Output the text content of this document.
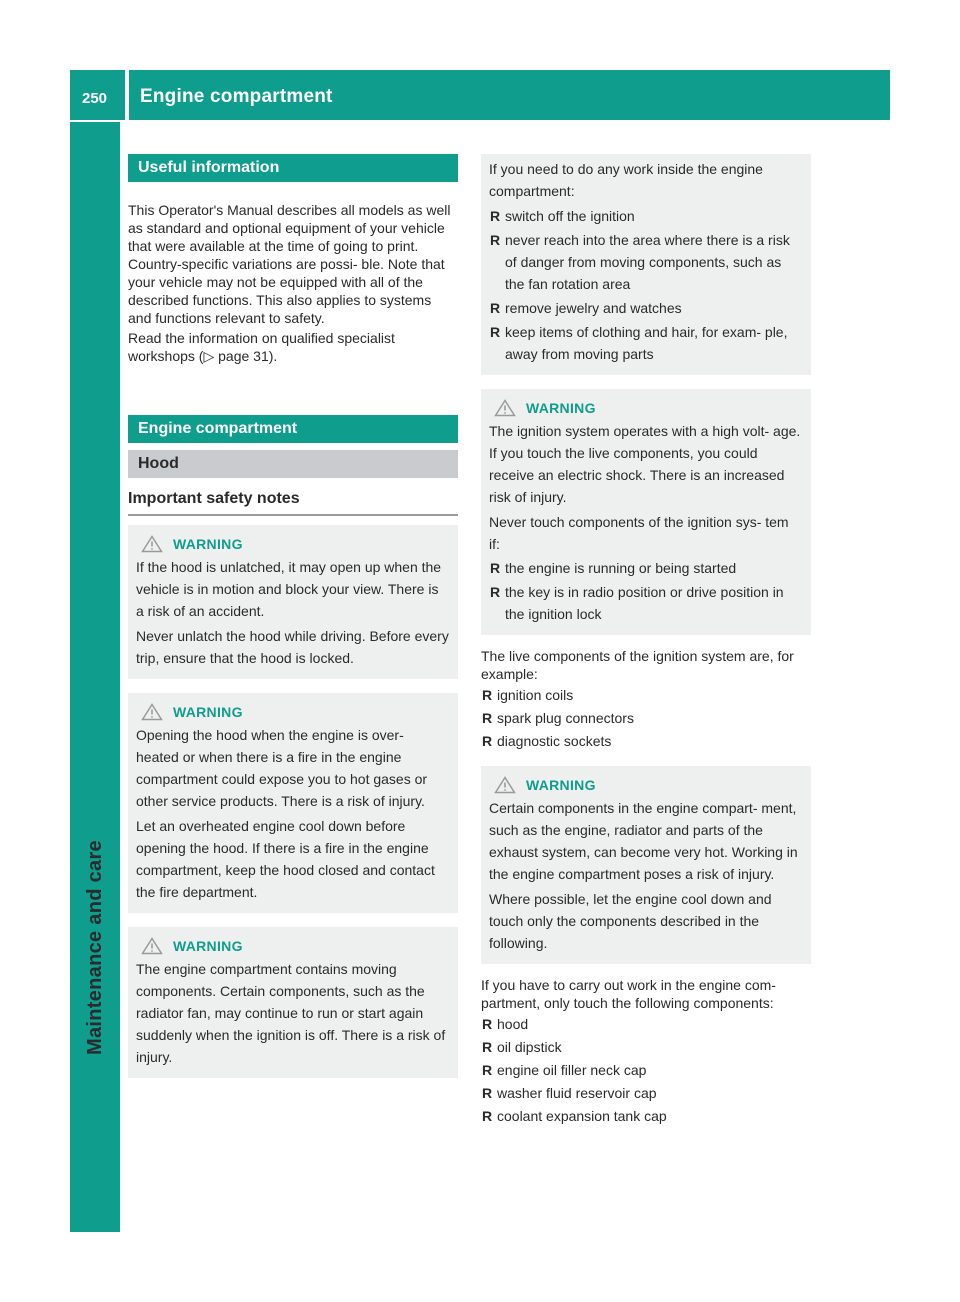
250 Engine compartment
Maintenance and care
Useful information

This Operator's Manual describes all models as well as standard and optional equipment of your vehicle that were available at the time of going to print. Country-specific variations are possi- ble. Note that your vehicle may not be equipped with all of the described functions. This also applies to systems and functions relevant to safety.

Read the information on qualified specialist workshops (▷ page 31).

Engine compartment
Hood
Important safety notes
WARNING

If the hood is unlatched, it may open up when the vehicle is in motion and block your view. There is a risk of an accident.

Never unlatch the hood while driving. Before every trip, ensure that the hood is locked.

WARNING

Opening the hood when the engine is over- heated or when there is a fire in the engine compartment could expose you to hot gases or other service products. There is a risk of injury.

Let an overheated engine cool down before opening the hood. If there is a fire in the engine compartment, keep the hood closed and contact the fire department.

WARNING

The engine compartment contains moving components. Certain components, such as the radiator fan, may continue to run or start again suddenly when the ignition is off. There is a risk of injury.

If you need to do any work inside the engine compartment:

R switch off the ignition
R never reach into the area where there is a risk of danger from moving components, such as the fan rotation area
R remove jewelry and watches
R keep items of clothing and hair, for exam- ple, away from moving parts
WARNING

The ignition system operates with a high volt- age. If you touch the live components, you could receive an electric shock. There is an increased risk of injury.

Never touch components of the ignition sys- tem if:

R the engine is running or being started
R the key is in radio position or drive position in the ignition lock

The live components of the ignition system are, for example:

R ignition coils
R spark plug connectors
R diagnostic sockets
WARNING

Certain components in the engine compart- ment, such as the engine, radiator and parts of the exhaust system, can become very hot. Working in the engine compartment poses a risk of injury.

Where possible, let the engine cool down and touch only the components described in the following.

If you have to carry out work in the engine com- partment, only touch the following components:

R hood
R oil dipstick
R engine oil filler neck cap
R washer fluid reservoir cap
R coolant expansion tank cap
